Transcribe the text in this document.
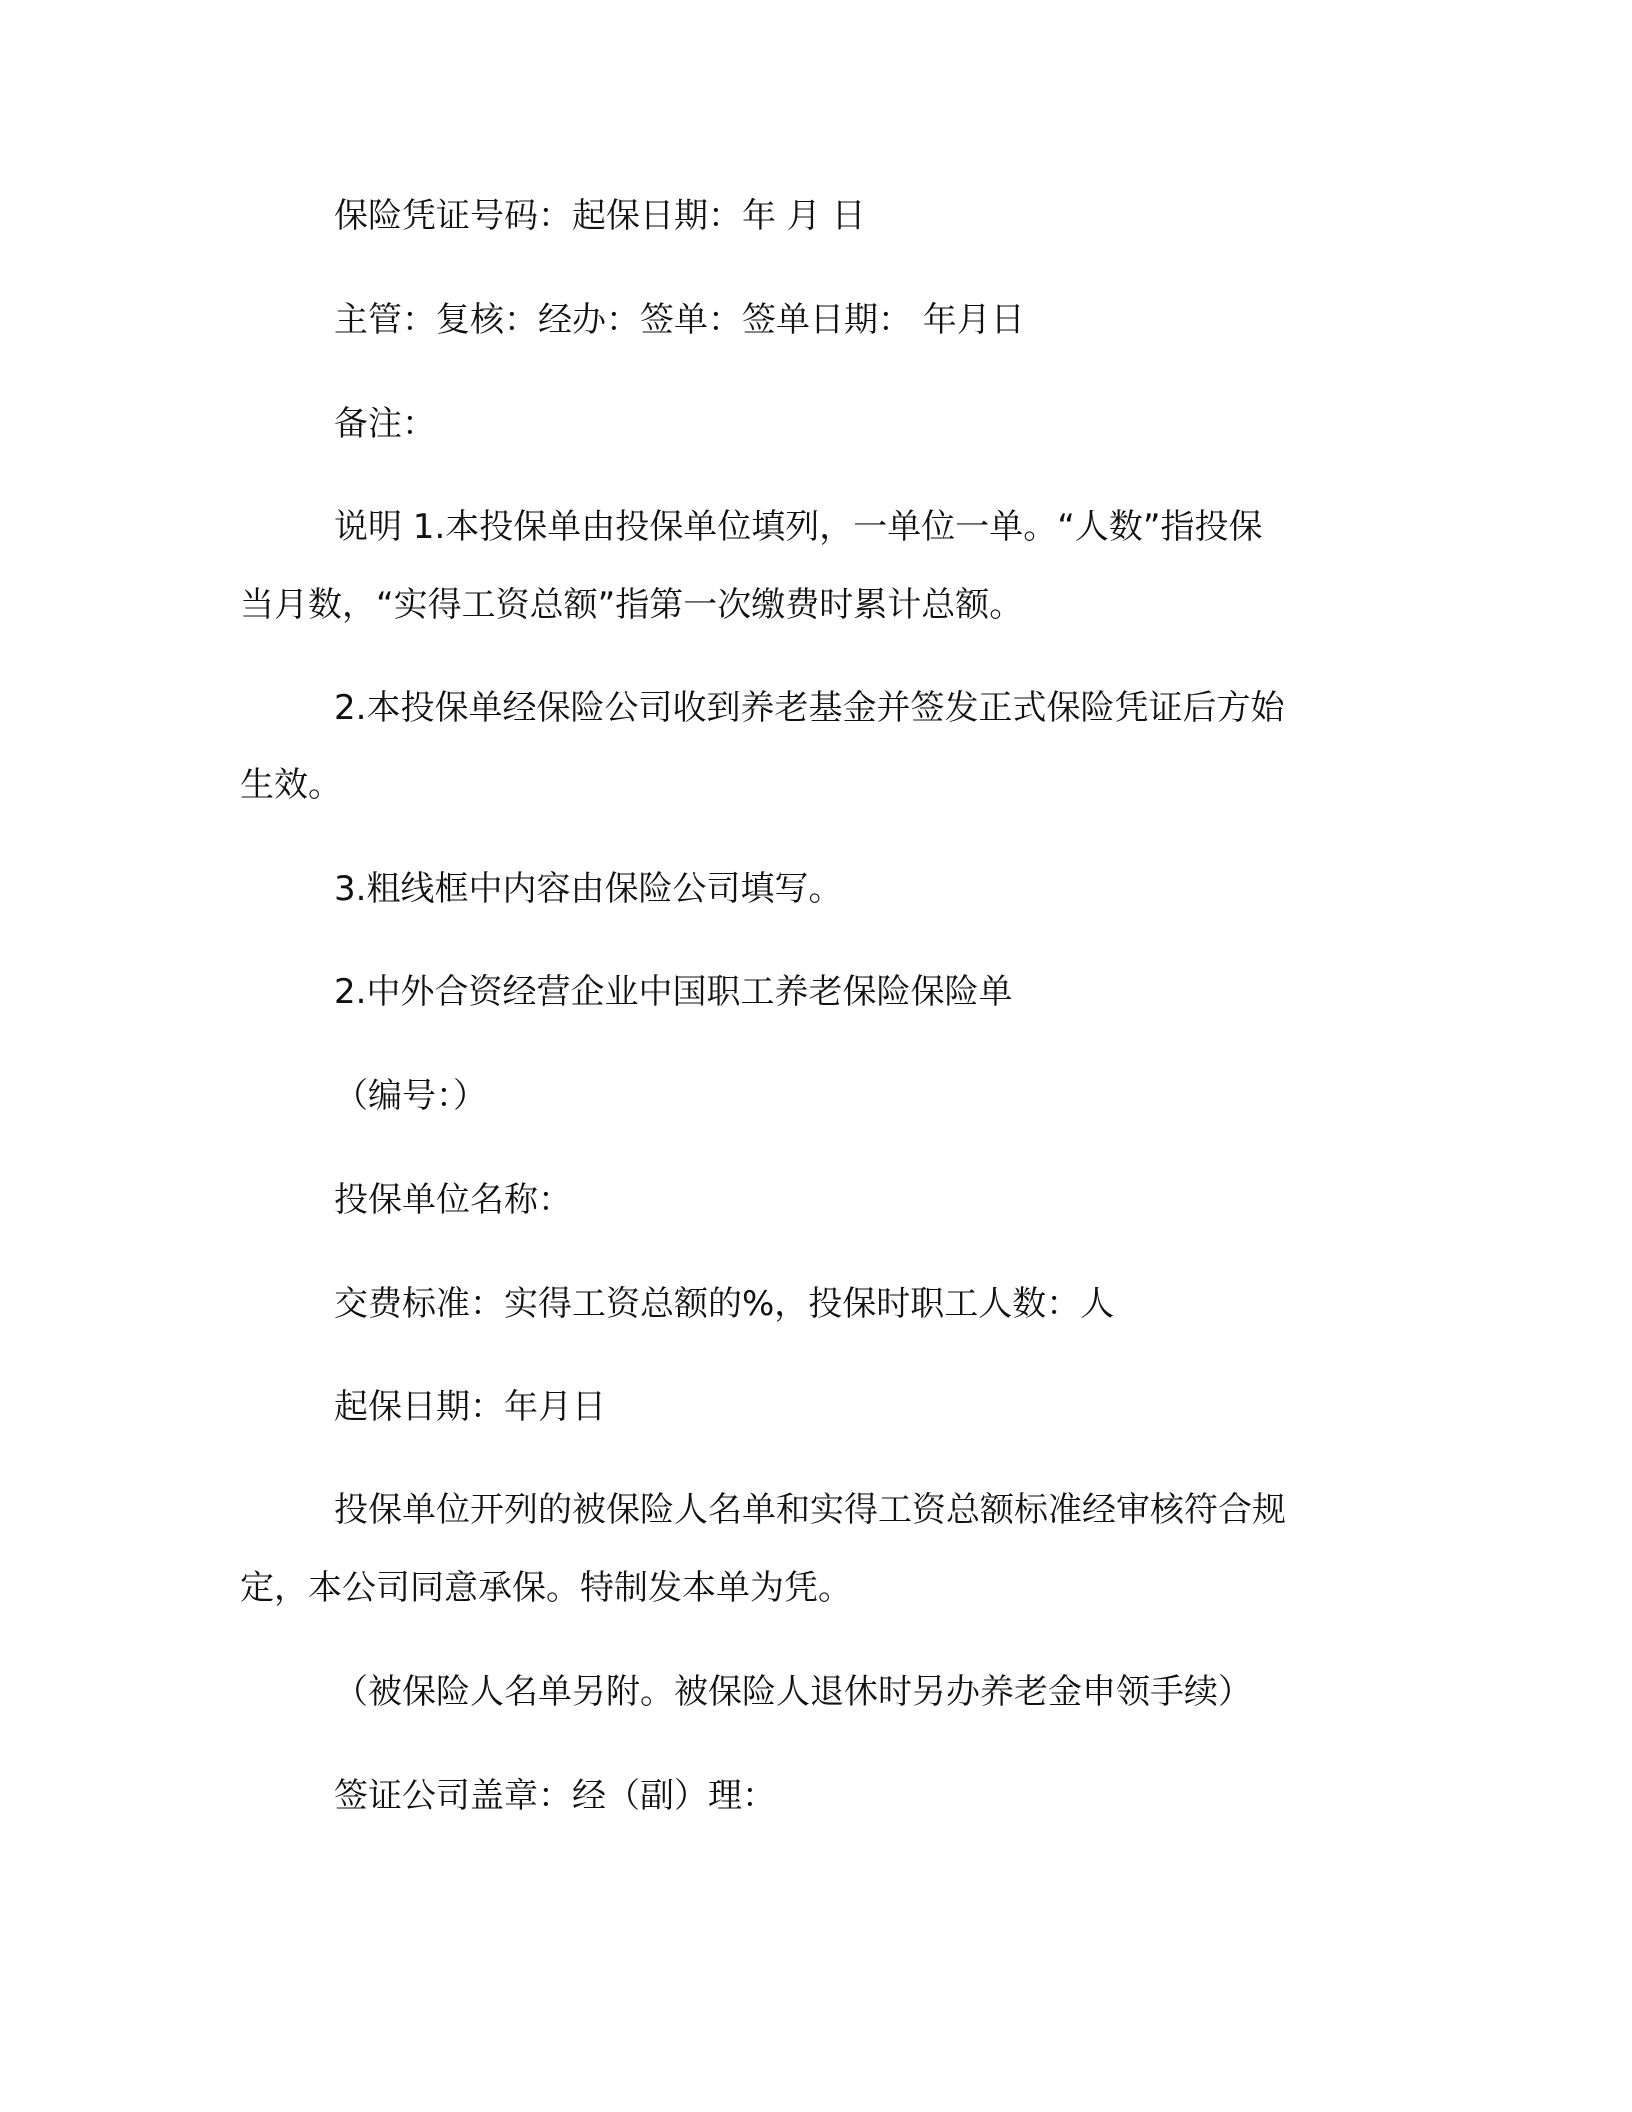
保险凭证号码：起保日期：年 月 日
主管：复核：经办：签单：签单日期： 年月日
备注：
说明 1.本投保单由投保单位填列，一单位一单。“人数”指投保
当月数，“实得工资总额”指第一次缴费时累计总额。
2.本投保单经保险公司收到养老基金并签发正式保险凭证后方始
生效。
3.粗线框中内容由保险公司填写。
2.中外合资经营企业中国职工养老保险保险单
（编号：）
投保单位名称：
交费标准：实得工资总额的%，投保时职工人数：人
起保日期：年月日
投保单位开列的被保险人名单和实得工资总额标准经审核符合规
定，本公司同意承保。特制发本单为凭。
（被保险人名单另附。被保险人退休时另办养老金申领手续）
签证公司盖章：经（副）理：
